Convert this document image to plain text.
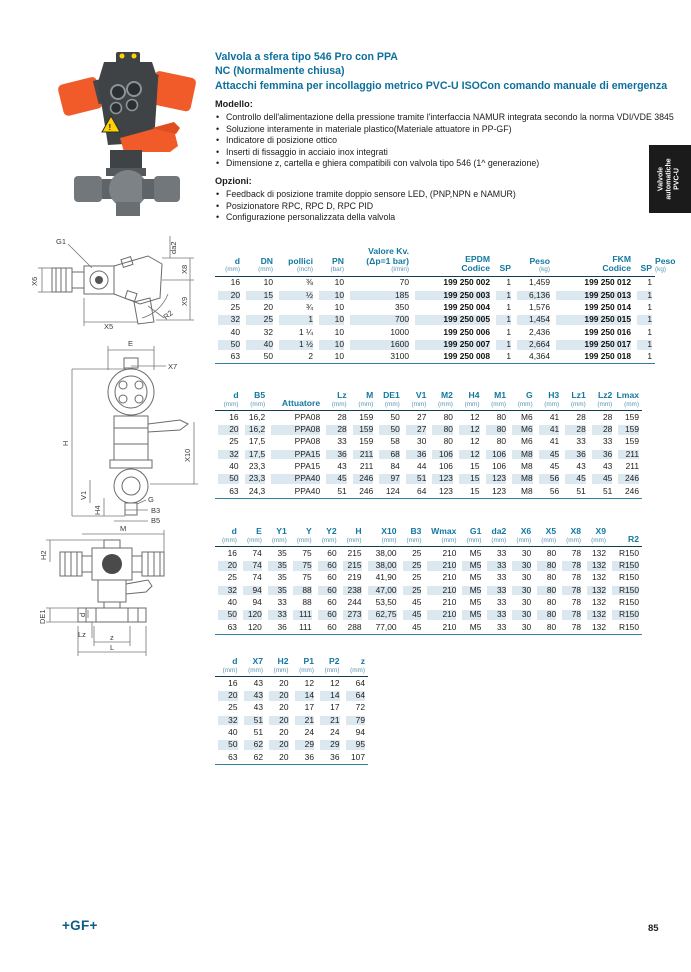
!
X6
G1	da2
X8
X9
R2
X5
E
X7
H
X10
V1
H4
G
B3
B5
H2
M
DE1	d
Lz	z
L
Valvola a sfera tipo 546 Pro con PPA
NC (Normalmente chiusa)
Attacchi femmina per incollaggio metrico PVC-U ISOCon comando manuale di emergenza

Modello:

• Controllo dell'alimentazione della pressione tramite l'interfaccia NAMUR integrata secondo la norma VDI/VDE 3845
• Soluzione interamente in materiale plastico(Materiale attuatore in PP-GF)
• Indicatore di posizione ottico
• Inserti di fissaggio in acciaio inox integrati
• Dimensione z, cartella e ghiera compatibili con valvola tipo 546 (1^ generazione)

Opzioni:

• Feedback di posizione tramite doppio sensore LED, (PNP,NPN e NAMUR)
• Posizionatore RPC, RPC D, RPC PID
• Configurazione personalizzata della valvola
d
(mm)

DN
(mm)

pollici
(inch)

PN
(bar)

Valore Kv.
(Δp=1 bar)
(l/min)

EPDM
Codice	SP

Peso
(kg)

FKM
Codice	SP

Peso
(kg)

16	10	⅜	10	70	199 250 002	1	1,459	199 250 012	1	
20	15	½	10	185	199 250 003	1	6,136	199 250 013	1	
25	20	¾	10	350	199 250 004	1	1,576	199 250 014	1	
32	25	1	10	700	199 250 005	1	1,454	199 250 015	1	
40	32	1 ¼	10	1000	199 250 006	1	2,436	199 250 016	1	
50	40	1 ½	10	1600	199 250 007	1	2,664	199 250 017	1	
63	50	2	10	3100	199 250 008	1	4,364	199 250 018	1	
d
(mm)

B5
(mm)	Attuatore

Lz
(mm)

M
(mm)

DE1
(mm)

V1
(mm)

M2
(mm)

H4
(mm)

M1
(mm)

G
(mm)

H3
(mm)

Lz1
(mm)

Lz2
(mm)

Lmax
(mm)

16	16,2	PPA08	28	159	50	27	80	12	80	M6	41	28	28	159
20	16,2	PPA08	28	159	50	27	80	12	80	M6	41	28	28	159
25	17,5	PPA08	33	159	58	30	80	12	80	M6	41	33	33	159
32	17,5	PPA15	36	211	68	36	106	12	106	M8	45	36	36	211
40	23,3	PPA15	43	211	84	44	106	15	106	M8	45	43	43	211
50	23,3	PPA40	45	246	97	51	123	15	123	M8	56	45	45	246
63	24,3	PPA40	51	246	124	64	123	15	123	M8	56	51	51	246
d
(mm)

E
(mm)

Y1
(mm)

Y
(mm)

Y2
(mm)

H
(mm)

X10
(mm)

B3
(mm)

Wmax
(mm)

G1
(mm)

da2
(mm)

X6
(mm)

X5
(mm)

X8
(mm)

X9
(mm)	R2

16	74	35	75	60	215	38,00	25	210	M5	33	30	80	78	132	R150
20	74	35	75	60	215	38,00	25	210	M5	33	30	80	78	132	R150
25	74	35	75	60	219	41,90	25	210	M5	33	30	80	78	132	R150
32	94	35	88	60	238	47,00	25	210	M5	33	30	80	78	132	R150
40	94	33	88	60	244	53,50	45	210	M5	33	30	80	78	132	R150
50	120	33	111	60	273	62,75	45	210	M5	33	30	80	78	132	R150
63	120	36	111	60	288	77,00	45	210	M5	33	30	80	78	132	R150
d
(mm)

X7
(mm)

H2
(mm)

P1
(mm)

P2
(mm)

z
(mm)

16	43	20	12	12	64
20	43	20	14	14	64
25	43	20	17	17	72
32	51	20	21	21	79
40	51	20	24	24	94
50	62	20	29	29	95
63	62	20	36	36	107
Valvole automatiche PVC-U
+GF+	85
